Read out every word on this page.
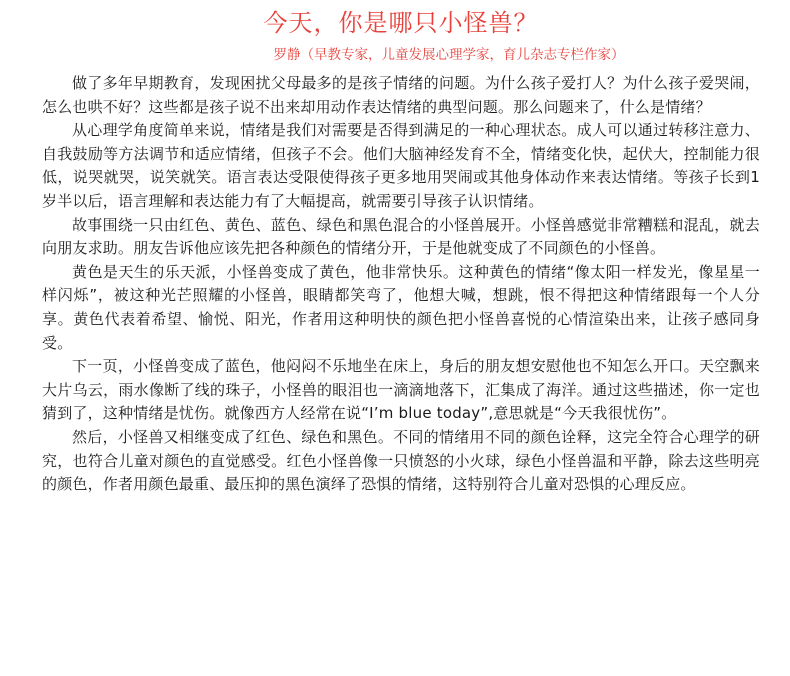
今天，你是哪只小怪兽？
罗静（早教专家，儿童发展心理学家，育儿杂志专栏作家）

做了多年早期教育，发现困扰父母最多的是孩子情绪的问题。为什么孩子爱打人？为什么孩子爱哭闹，怎么也哄不好？这些都是孩子说不出来却用动作表达情绪的典型问题。那么问题来了，什么是情绪？

从心理学角度简单来说，情绪是我们对需要是否得到满足的一种心理状态。成人可以通过转移注意力、自我鼓励等方法调节和适应情绪，但孩子不会。他们大脑神经发育不全，情绪变化快，起伏大，控制能力很低，说哭就哭，说笑就笑。语言表达受限使得孩子更多地用哭闹或其他身体动作来表达情绪。等孩子长到1岁半以后，语言理解和表达能力有了大幅提高，就需要引导孩子认识情绪。

故事围绕一只由红色、黄色、蓝色、绿色和黑色混合的小怪兽展开。小怪兽感觉非常糟糕和混乱，就去向朋友求助。朋友告诉他应该先把各种颜色的情绪分开，于是他就变成了不同颜色的小怪兽。

黄色是天生的乐天派，小怪兽变成了黄色，他非常快乐。这种黄色的情绪“像太阳一样发光，像星星一样闪烁”，被这种光芒照耀的小怪兽，眼睛都笑弯了，他想大喊，想跳，恨不得把这种情绪跟每一个人分享。黄色代表着希望、愉悦、阳光，作者用这种明快的颜色把小怪兽喜悦的心情渲染出来，让孩子感同身受。

下一页，小怪兽变成了蓝色，他闷闷不乐地坐在床上，身后的朋友想安慰他也不知怎么开口。天空飘来大片乌云，雨水像断了线的珠子，小怪兽的眼泪也一滴滴地落下，汇集成了海洋。通过这些描述，你一定也猜到了，这种情绪是忧伤。就像西方人经常在说“I’m blue today”,意思就是“今天我很忧伤”。

然后，小怪兽又相继变成了红色、绿色和黑色。不同的情绪用不同的颜色诠释，这完全符合心理学的研究，也符合儿童对颜色的直觉感受。红色小怪兽像一只愤怒的小火球，绿色小怪兽温和平静，除去这些明亮的颜色，作者用颜色最重、最压抑的黑色演绎了恐惧的情绪，这特别符合儿童对恐惧的心理反应。
